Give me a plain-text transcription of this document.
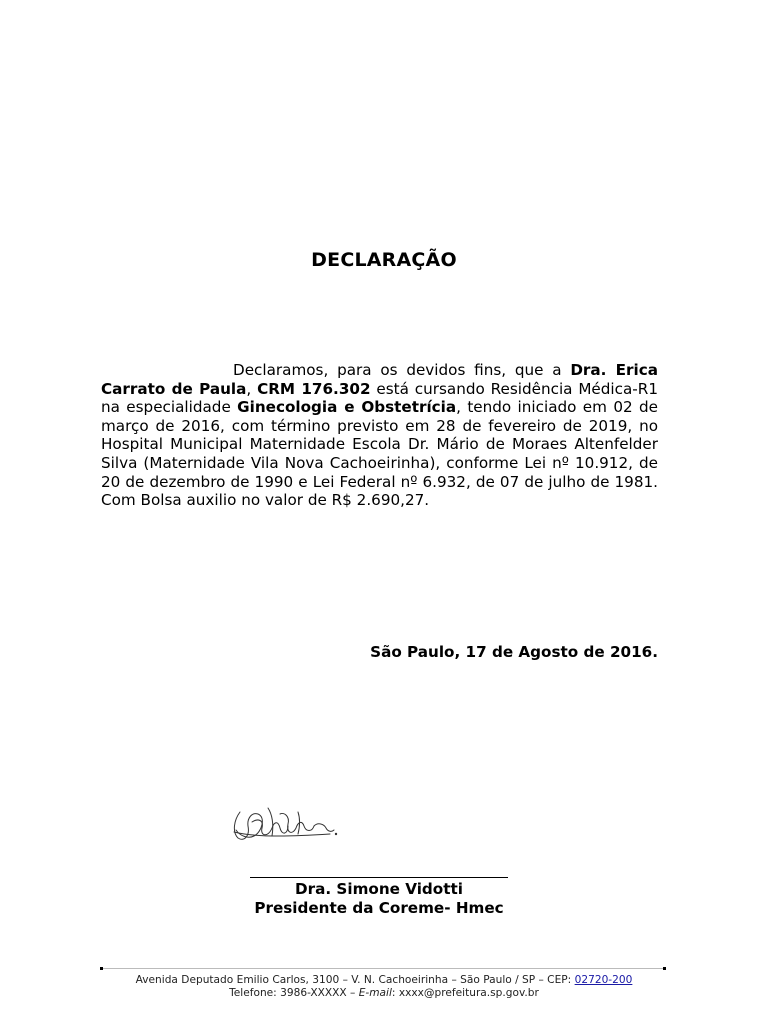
DECLARAÇÃO
Declaramos, para os devidos fins, que a Dra. Erica Carrato de Paula, CRM 176.302 está cursando Residência Médica-R1 na especialidade Ginecologia e Obstetrícia, tendo iniciado em 02 de março de 2016, com término previsto em 28 de fevereiro de 2019, no Hospital Municipal Maternidade Escola Dr. Mário de Moraes Altenfelder Silva (Maternidade Vila Nova Cachoeirinha), conforme Lei nº 10.912, de 20 de dezembro de 1990 e Lei Federal nº 6.932, de 07 de julho de 1981. Com Bolsa auxilio no valor de R$ 2.690,27.
São Paulo, 17 de Agosto de 2016.
Dra. Simone Vidotti
Presidente da Coreme- Hmec
Avenida Deputado Emilio Carlos, 3100 – V. N. Cachoeirinha – São Paulo / SP – CEP: 02720-200
Telefone: 3986-XXXXX – E-mail: xxxx@prefeitura.sp.gov.br
